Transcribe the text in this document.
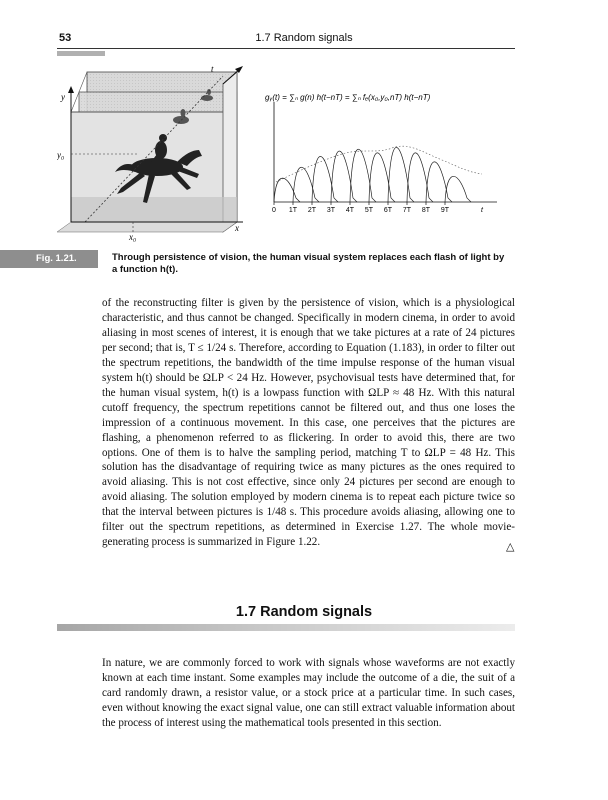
53	1.7 Random signals
t
y
x
y₀
x₀
gᵧ(t) = ∑ₙ g(n) h(t−nT) = ∑ₙ fₑ(x₀,y₀,nT) h(t−nT)
0 1T 2T 3T 4T 5T 6T 7T 8T 9T	t
Fig. 1.21.	Through persistence of vision, the human visual system replaces each flash of light by a function h(t).

of the reconstructing filter is given by the persistence of vision, which is a physiological characteristic, and thus cannot be changed. Specifically in modern cinema, in order to avoid aliasing in most scenes of interest, it is enough that we take pictures at a rate of 24 pictures per second; that is, T ≤ 1/24 s. Therefore, according to Equation (1.183), in order to filter out the spectrum repetitions, the bandwidth of the time impulse response of the human visual system h(t) should be ΩLP < 24 Hz. However, psychovisual tests have determined that, for the human visual system, h(t) is a lowpass function with ΩLP ≈ 48 Hz. With this natural cutoff frequency, the spectrum repetitions cannot be filtered out, and thus one loses the impression of a continuous movement. In this case, one perceives that the pictures are flashing, a phenomenon referred to as flickering. In order to avoid this, there are two options. One of them is to halve the sampling period, matching T to ΩLP = 48 Hz. This solution has the disadvantage of requiring twice as many pictures as the ones required to avoid aliasing. This is not cost effective, since only 24 pictures per second are enough to avoid aliasing. The solution employed by modern cinema is to repeat each picture twice so that the interval between pictures is 1/48 s. This procedure avoids aliasing, allowing one to filter out the spectrum repetitions, as determined in Exercise 1.27. The whole movie-generating process is summarized in Figure 1.22.	△
1.7 Random signals

In nature, we are commonly forced to work with signals whose waveforms are not exactly known at each time instant. Some examples may include the outcome of a die, the suit of a card randomly drawn, a resistor value, or a stock price at a particular time. In such cases, even without knowing the exact signal value, one can still extract valuable information about the process of interest using the mathematical tools presented in this section.
